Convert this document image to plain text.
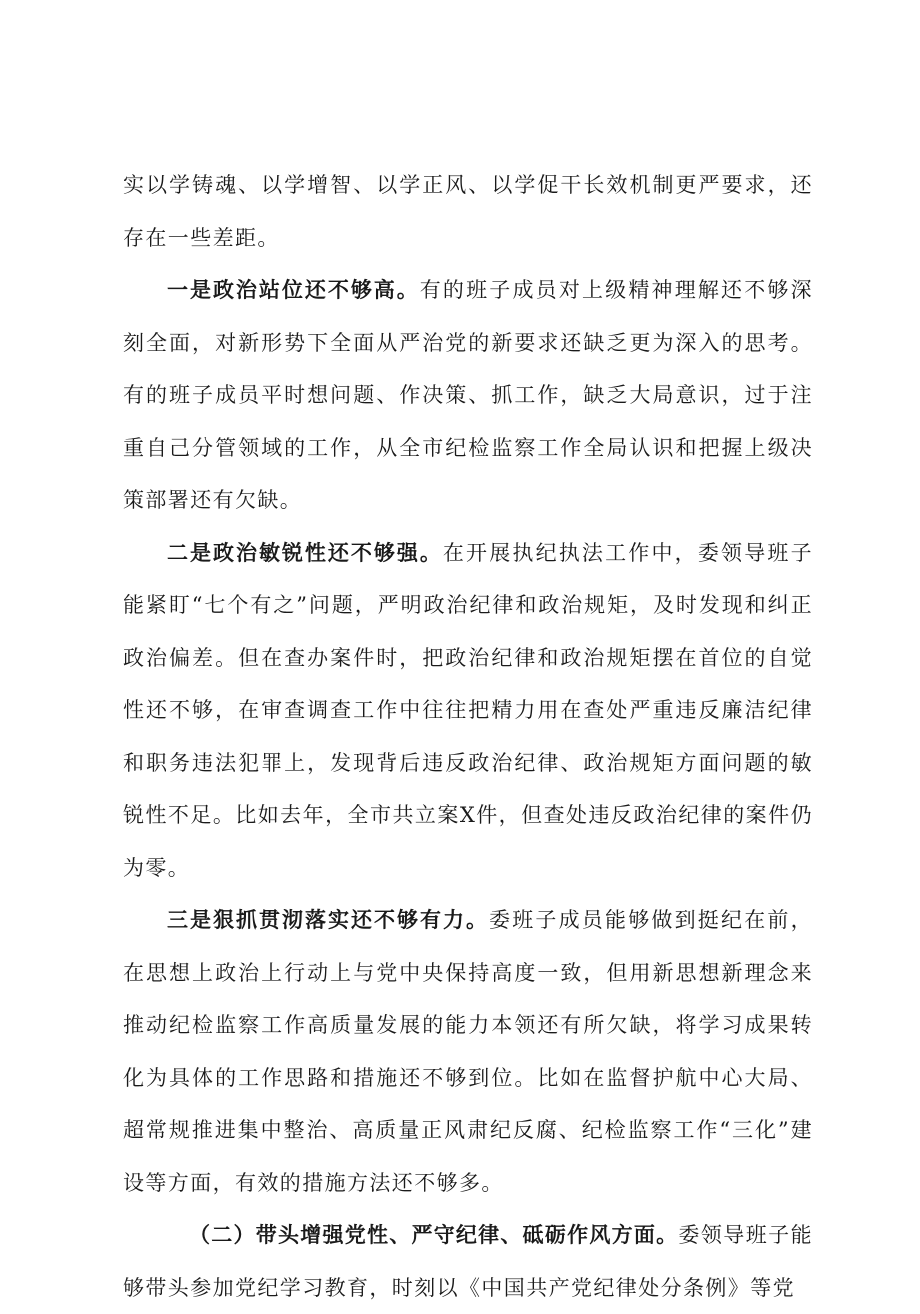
实以学铸魂、以学增智、以学正风、以学促干长效机制更严要求，还存在一些差距。

一是政治站位还不够高。有的班子成员对上级精神理解还不够深刻全面，对新形势下全面从严治党的新要求还缺乏更为深入的思考。有的班子成员平时想问题、作决策、抓工作，缺乏大局意识，过于注重自己分管领域的工作，从全市纪检监察工作全局认识和把握上级决策部署还有欠缺。

二是政治敏锐性还不够强。在开展执纪执法工作中，委领导班子能紧盯“七个有之”问题，严明政治纪律和政治规矩，及时发现和纠正政治偏差。但在查办案件时，把政治纪律和政治规矩摆在首位的自觉性还不够，在审查调查工作中往往把精力用在查处严重违反廉洁纪律和职务违法犯罪上，发现背后违反政治纪律、政治规矩方面问题的敏锐性不足。比如去年，全市共立案X件，但查处违反政治纪律的案件仍为零。

三是狠抓贯沏落实还不够有力。委班子成员能够做到挺纪在前，在思想上政治上行动上与党中央保持高度一致，但用新思想新理念来推动纪检监察工作高质量发展的能力本领还有所欠缺，将学习成果转化为具体的工作思路和措施还不够到位。比如在监督护航中心大局、超常规推进集中整治、高质量正风肃纪反腐、纪检监察工作“三化”建设等方面，有效的措施方法还不够多。

（二）带头增强党性、严守纪律、砥砺作风方面。委领导班子能够带头参加党纪学习教育，时刻以《中国共产党纪律处分条例》等党
